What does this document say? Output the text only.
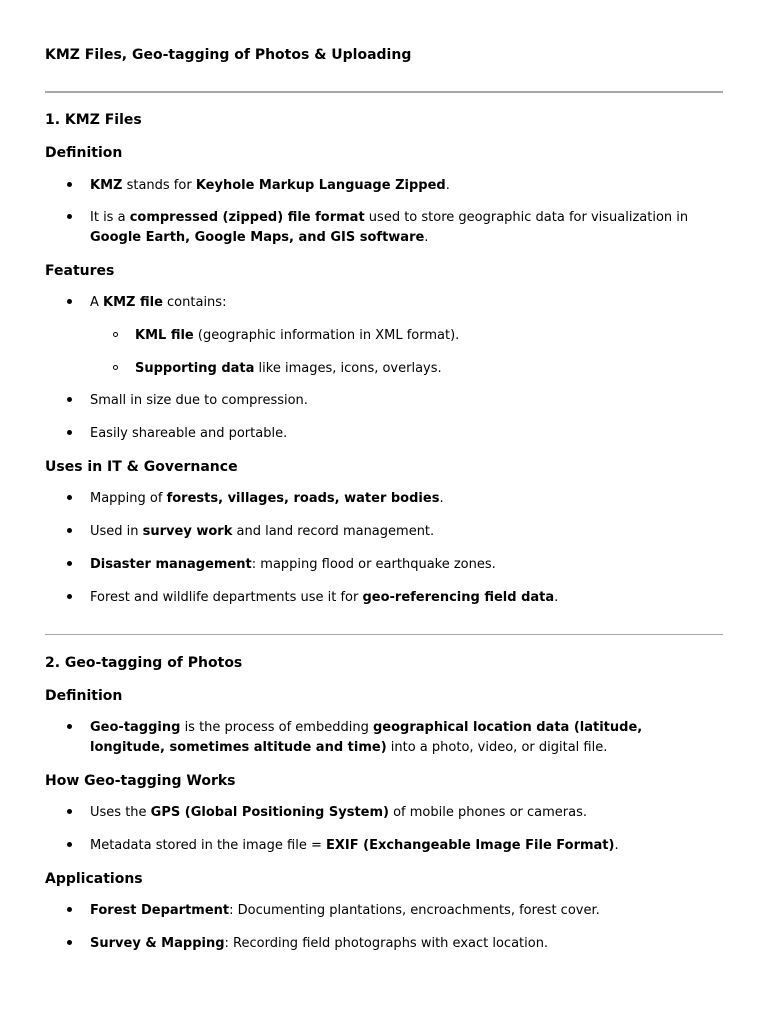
KMZ Files, Geo-tagging of Photos & Uploading
1. KMZ Files
Definition
KMZ stands for Keyhole Markup Language Zipped.
It is a compressed (zipped) file format used to store geographic data for visualization in Google Earth, Google Maps, and GIS software.
Features
A KMZ file contains:
KML file (geographic information in XML format).
Supporting data like images, icons, overlays.
Small in size due to compression.
Easily shareable and portable.
Uses in IT & Governance
Mapping of forests, villages, roads, water bodies.
Used in survey work and land record management.
Disaster management: mapping flood or earthquake zones.
Forest and wildlife departments use it for geo-referencing field data.
2. Geo-tagging of Photos
Definition
Geo-tagging is the process of embedding geographical location data (latitude, longitude, sometimes altitude and time) into a photo, video, or digital file.
How Geo-tagging Works
Uses the GPS (Global Positioning System) of mobile phones or cameras.
Metadata stored in the image file = EXIF (Exchangeable Image File Format).
Applications
Forest Department: Documenting plantations, encroachments, forest cover.
Survey & Mapping: Recording field photographs with exact location.
